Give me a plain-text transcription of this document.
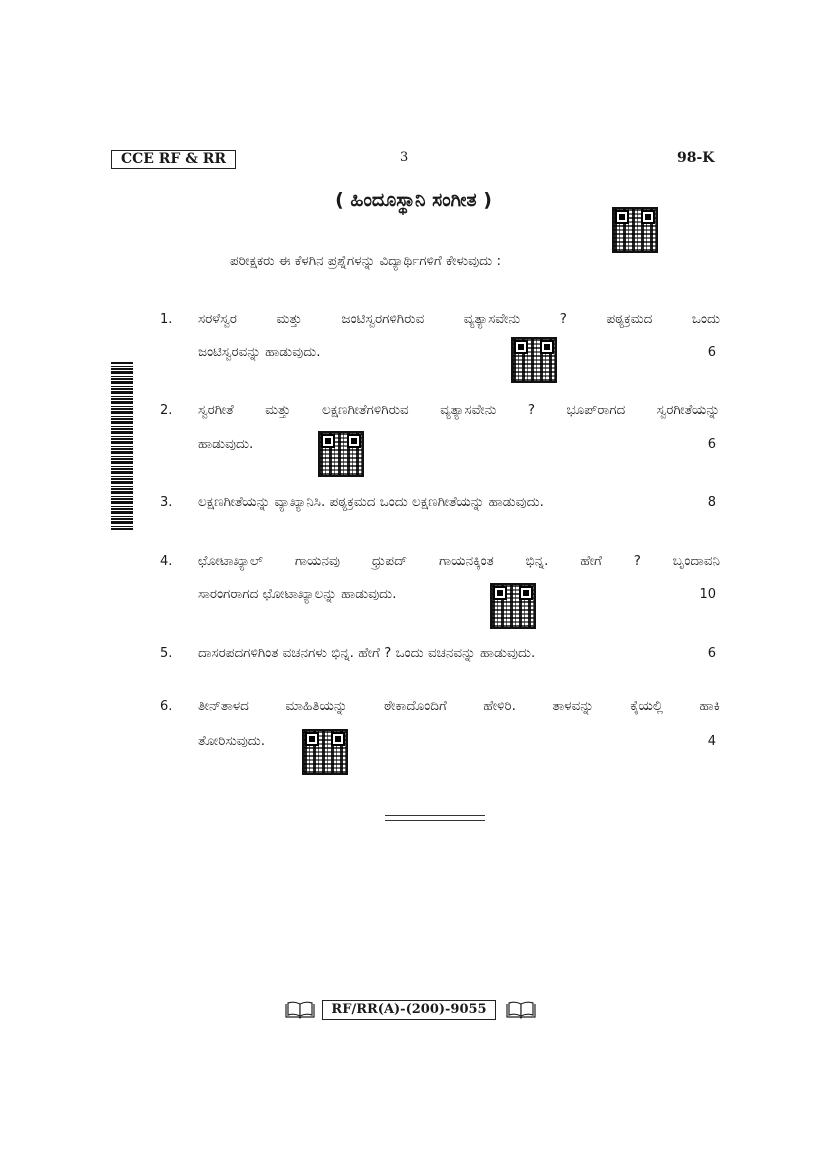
CCE RF & RR	3	98-K
( ಹಿಂದೂಸ್ಥಾನಿ ಸಂಗೀತ )
ಪರೀಕ್ಷಕರು ಈ ಕೆಳಗಿನ ಪ್ರಶ್ನೆಗಳನ್ನು ವಿದ್ಯಾರ್ಥಿಗಳಿಗೆ ಕೇಳುವುದು :
1. ಸರಳೆಸ್ವರ ಮತ್ತು ಜಂಟಿಸ್ವರಗಳಿಗಿರುವ ವ್ಯತ್ಯಾಸವೇನು ? ಪಠ್ಯಕ್ರಮದ ಒಂದು
ಜಂಟಿಸ್ವರವನ್ನು ಹಾಡುವುದು.	6
2. ಸ್ವರಗೀತೆ ಮತ್ತು ಲಕ್ಷಣಗೀತೆಗಳಿಗಿರುವ ವ್ಯತ್ಯಾಸವೇನು ? ಭೂಪ್‌ರಾಗದ ಸ್ವರಗೀತೆಯನ್ನು
ಹಾಡುವುದು.	6
3. ಲಕ್ಷಣಗೀತೆಯನ್ನು ವ್ಯಾಖ್ಯಾನಿಸಿ. ಪಠ್ಯಕ್ರಮದ ಒಂದು ಲಕ್ಷಣಗೀತೆಯನ್ನು ಹಾಡುವುದು.	8
4. ಛೋಟಾಖ್ಯಾಲ್ ಗಾಯನವು ಧ್ರುಪದ್ ಗಾಯನಕ್ಕಿಂತ ಭಿನ್ನ. ಹೇಗೆ ? ಬೃಂದಾವನಿ
ಸಾರಂಗರಾಗದ ಛೋಟಾಖ್ಯಾಲನ್ನು ಹಾಡುವುದು.	10
5. ದಾಸರಪದಗಳಿಗಿಂತ ವಚನಗಳು ಭಿನ್ನ. ಹೇಗೆ ? ಒಂದು ವಚನವನ್ನು ಹಾಡುವುದು.	6
6. ತೀನ್‌ತಾಳದ ಮಾಹಿತಿಯನ್ನು ಠೇಕಾದೊಂದಿಗೆ ಹೇಳಿರಿ. ತಾಳವನ್ನು ಕೈಯಲ್ಲಿ ಹಾಕಿ
ತೋರಿಸುವುದು.	4
RF/RR(A)-(200)-9055
